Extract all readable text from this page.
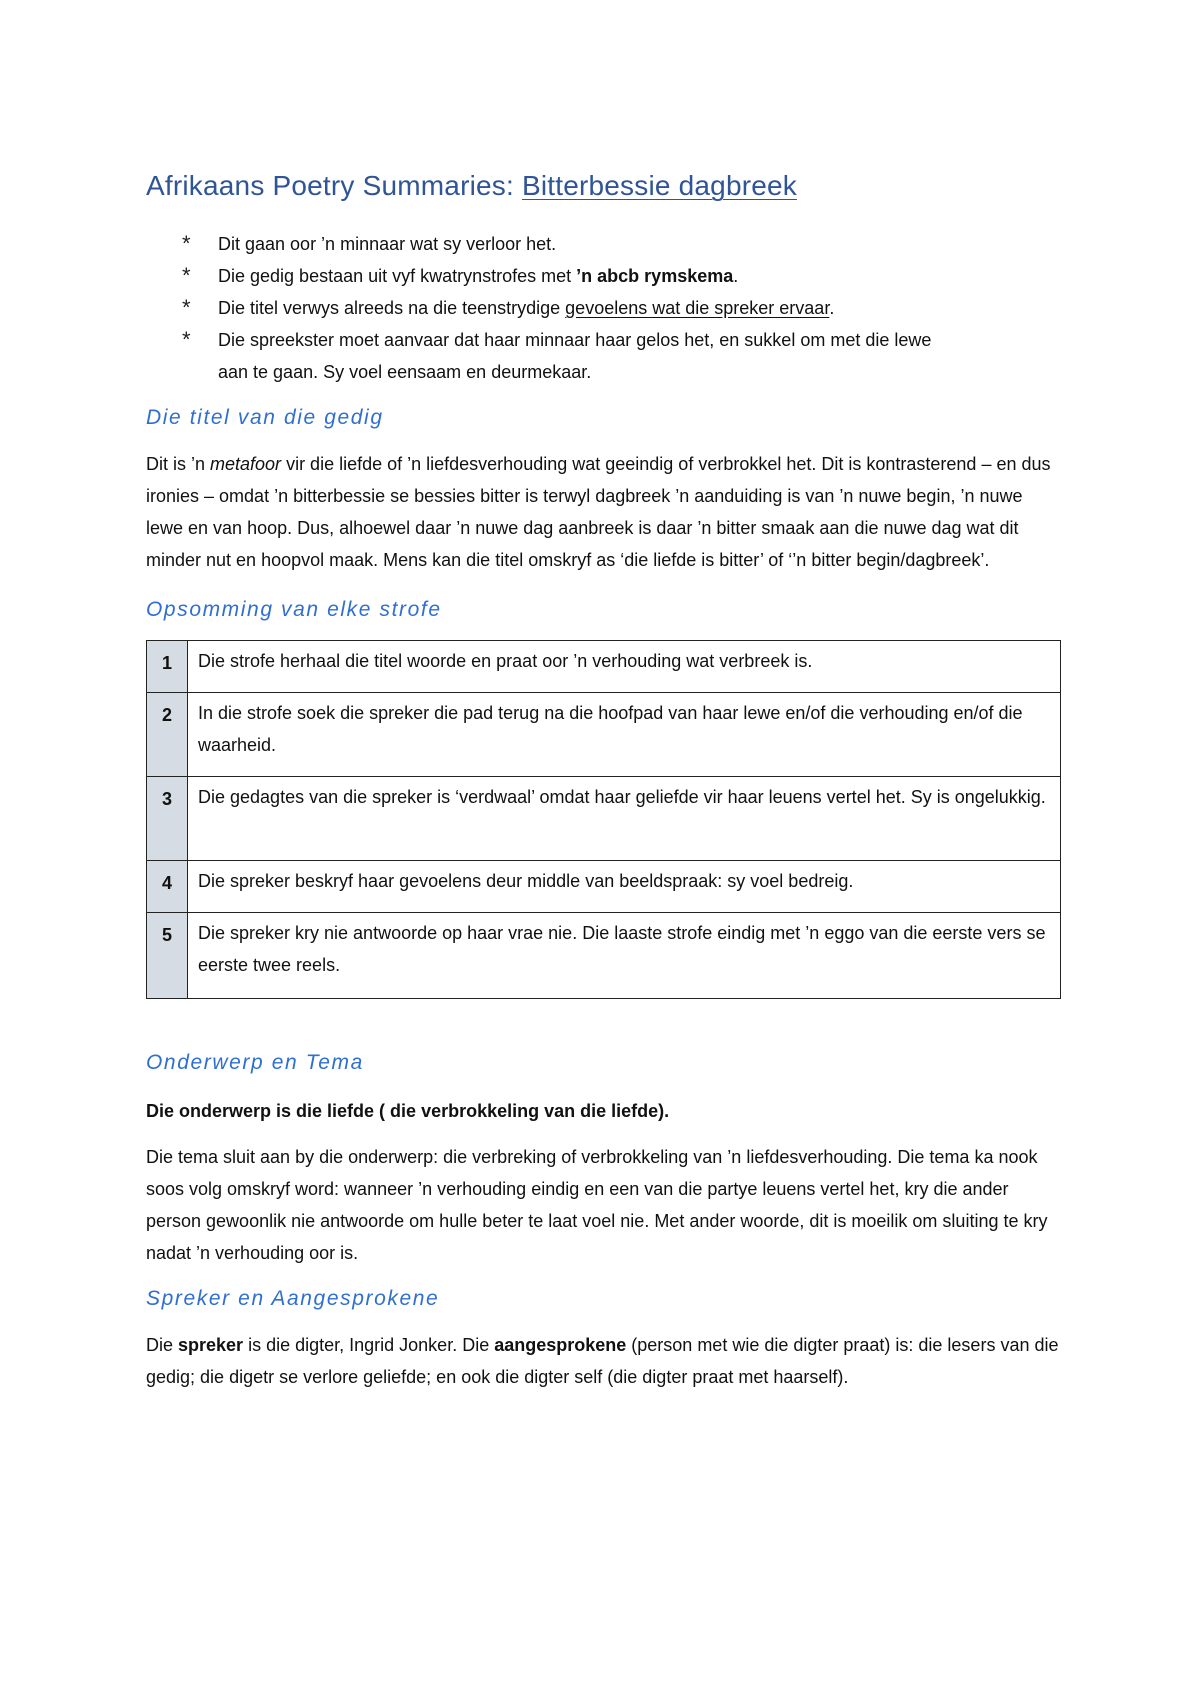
Afrikaans Poetry Summaries: Bitterbessie dagbreek
* Dit gaan oor ’n minnaar wat sy verloor het.
* Die gedig bestaan uit vyf kwatrynstrofes met ’n abcb rymskema.
* Die titel verwys alreeds na die teenstrydige gevoelens wat die spreker ervaar.
* Die spreekster moet aanvaar dat haar minnaar haar gelos het, en sukkel om met die lewe
aan te gaan. Sy voel eensaam en deurmekaar.
Die titel van die gedig

Dit is ’n metafoor vir die liefde of ’n liefdesverhouding wat geeindig of verbrokkel het. Dit is kontrasterend – en dus ironies – omdat ’n bitterbessie se bessies bitter is terwyl dagbreek ’n aanduiding is van ’n nuwe begin, ’n nuwe lewe en van hoop. Dus, alhoewel daar ’n nuwe dag aanbreek is daar ’n bitter smaak aan die nuwe dag wat dit minder nut en hoopvol maak. Mens kan die titel omskryf as ‘die liefde is bitter’ of ‘’n bitter begin/dagbreek’.

Opsomming van elke strofe
1	Die strofe herhaal die titel woorde en praat oor ’n verhouding wat verbreek is.
2	In die strofe soek die spreker die pad terug na die hoofpad van haar lewe en/of die verhouding en/of die waarheid.
3	Die gedagtes van die spreker is ‘verdwaal’ omdat haar geliefde vir haar leuens vertel het. Sy is ongelukkig.
4	Die spreker beskryf haar gevoelens deur middle van beeldspraak: sy voel bedreig.
5	Die spreker kry nie antwoorde op haar vrae nie. Die laaste strofe eindig met ’n eggo van die eerste vers se eerste twee reels.
Onderwerp en Tema

Die onderwerp is die liefde ( die verbrokkeling van die liefde).

Die tema sluit aan by die onderwerp: die verbreking of verbrokkeling van ’n liefdesverhouding. Die tema ka nook soos volg omskryf word: wanneer ’n verhouding eindig en een van die partye leuens vertel het, kry die ander person gewoonlik nie antwoorde om hulle beter te laat voel nie. Met ander woorde, dit is moeilik om sluiting te kry nadat ’n verhouding oor is.

Spreker en Aangesprokene

Die spreker is die digter, Ingrid Jonker. Die aangesprokene (person met wie die digter praat) is: die lesers van die gedig; die digetr se verlore geliefde; en ook die digter self (die digter praat met haarself).
